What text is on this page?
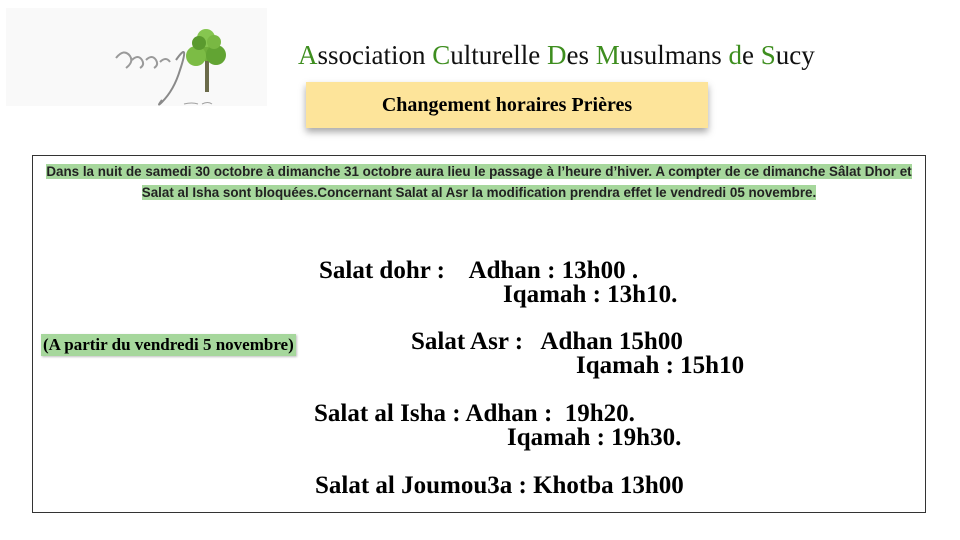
Association Culturelle Des Musulmans de Sucy
Changement horaires Prières
Dans la nuit de samedi 30 octobre à dimanche 31 octobre aura lieu le passage à l’heure d’hiver. A compter de ce dimanche Sâlat Dhor et Salat al Isha sont bloquées.Concernant Salat al Asr la modification prendra effet le vendredi 05 novembre.
Salat dohr :    Adhan : 13h00 .
Iqamah : 13h10.
(A partir du vendredi 5 novembre)	Salat Asr :   Adhan 15h00
Iqamah : 15h10
Salat al Isha : Adhan :  19h20.
Iqamah : 19h30.
Salat al Joumou3a : Khotba 13h00
